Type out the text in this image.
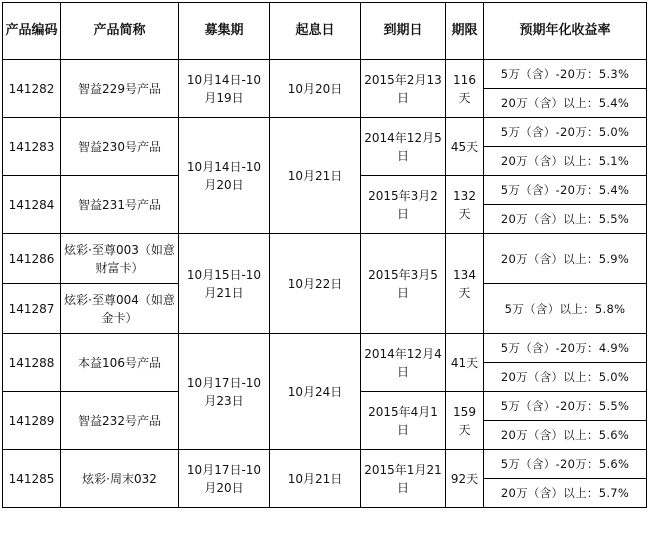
产品编码	产品简称	募集期	起息日	到期日	期限	预期年化收益率
141282	智益229号产品	10月14日-10月19日	10月20日	2015年2月13日	116天	5万（含）-20万：5.3%
						20万（含）以上：5.4%
141283	智益230号产品	10月14日-10月20日	10月21日	2014年12月5日	45天	5万（含）-20万：5.0%
						20万（含）以上：5.1%
141284	智益231号产品			2015年3月2日	132天	5万（含）-20万：5.4%
						20万（含）以上：5.5%
141286	炫彩·至尊003（如意财富卡）	10月15日-10月21日	10月22日	2015年3月5日	134天	20万（含）以上：5.9%
141287	炫彩·至尊004（如意金卡）					5万（含）以上：5.8%
141288	本益106号产品	10月17日-10月23日	10月24日	2014年12月4日	41天	5万（含）-20万：4.9%
						20万（含）以上：5.0%
141289	智益232号产品			2015年4月1日	159天	5万（含）-20万：5.5%
						20万（含）以上：5.6%
141285	炫彩·周末032	10月17日-10月20日	10月21日	2015年1月21日	92天	5万（含）-20万：5.6%
						20万（含）以上：5.7%
